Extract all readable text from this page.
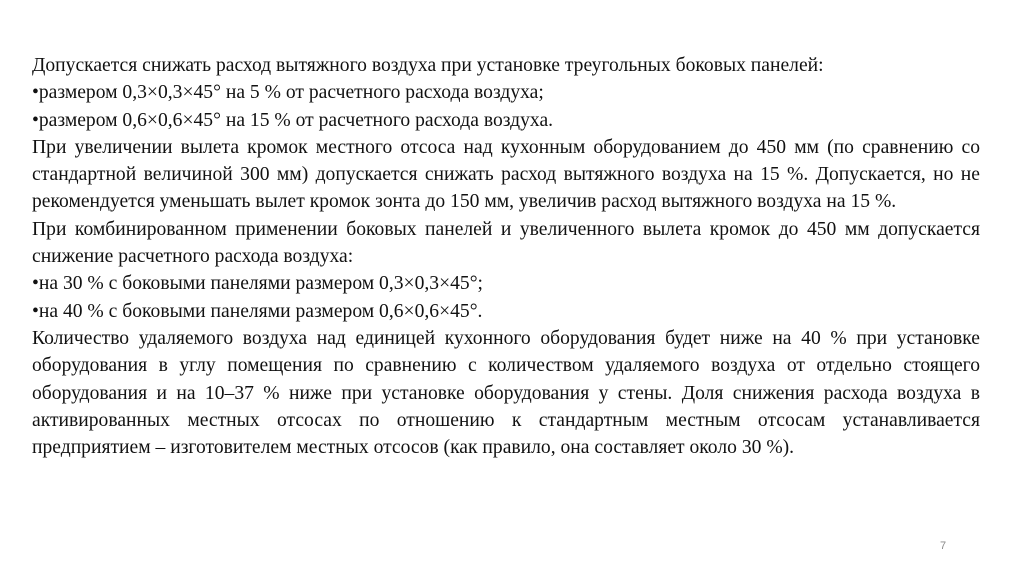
Допускается снижать расход вытяжного воздуха при установке треугольных боковых панелей:

•размером 0,3×0,3×45° на 5 % от расчетного расхода воздуха;

•размером 0,6×0,6×45° на 15 % от расчетного расхода воздуха.

При увеличении вылета кромок местного отсоса над кухонным оборудованием до 450 мм (по сравнению со стандартной величиной 300 мм) допускается снижать расход вытяжного воздуха на 15 %. Допускается, но не рекомендуется уменьшать вылет кромок зонта до 150 мм, увеличив расход вытяжного воздуха на 15 %.

При комбинированном применении боковых панелей и увеличенного вылета кромок до 450 мм допускается снижение расчетного расхода воздуха:

•на 30 % с боковыми панелями размером 0,3×0,3×45°;

•на 40 % с боковыми панелями размером 0,6×0,6×45°.

Количество удаляемого воздуха над единицей кухонного оборудования будет ниже на 40 % при установке оборудования в углу помещения по сравнению с количеством удаляемого воздуха от отдельно стоящего оборудования и на 10–37 % ниже при установке оборудования у стены. Доля снижения расхода воздуха в активированных местных отсосах по отношению к стандартным местным отсосам устанавливается предприятием – изготовителем местных отсосов (как правило, она составляет около 30 %).

7
